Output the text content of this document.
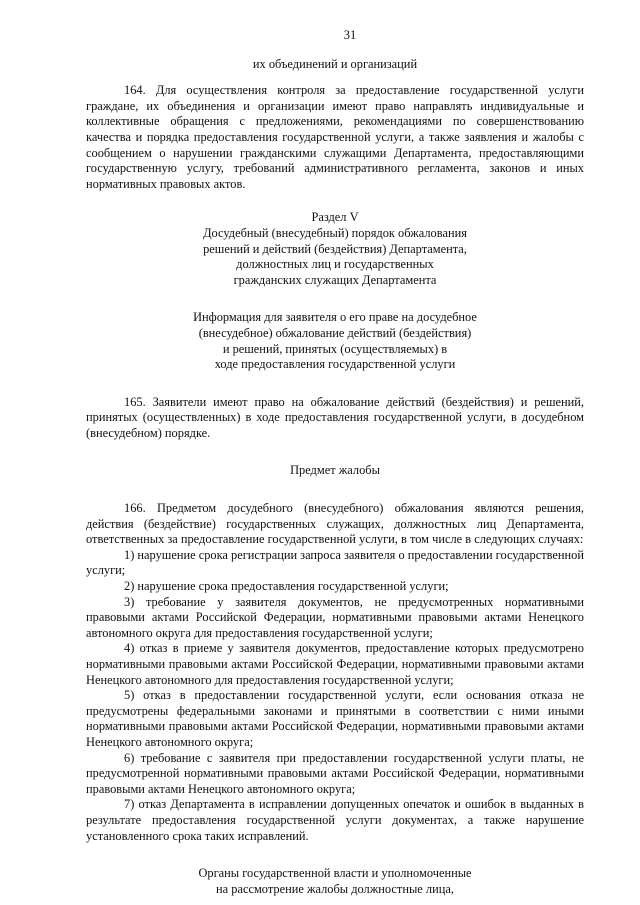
31
их объединений и организаций
164. Для осуществления контроля за предоставление государственной услуги граждане, их объединения и организации имеют право направлять индивидуальные и коллективные обращения с предложениями, рекомендациями по совершенствованию качества и порядка предоставления государственной услуги, а также заявления и жалобы с сообщением о нарушении гражданскими служащими Департамента, предоставляющими государственную услугу, требований административного регламента, законов и иных нормативных правовых актов.
Раздел V
Досудебный (внесудебный) порядок обжалования
решений и действий (бездействия) Департамента,
должностных лиц и государственных
гражданских служащих Департамента
Информация для заявителя о его праве на досудебное
(внесудебное) обжалование действий (бездействия)
и решений, принятых (осуществляемых) в
ходе предоставления государственной услуги
165. Заявители имеют право на обжалование действий (бездействия) и решений, принятых (осуществленных) в ходе предоставления государственной услуги, в досудебном (внесудебном) порядке.
Предмет жалобы
166. Предметом досудебного (внесудебного) обжалования являются решения, действия (бездействие) государственных служащих, должностных лиц Департамента, ответственных за предоставление государственной услуги, в том числе в следующих случаях:
1) нарушение срока регистрации запроса заявителя о предоставлении государственной услуги;
2) нарушение срока предоставления государственной услуги;
3) требование у заявителя документов, не предусмотренных нормативными правовыми актами Российской Федерации, нормативными правовыми актами Ненецкого автономного округа для предоставления государственной услуги;
4) отказ в приеме у заявителя документов, предоставление которых предусмотрено нормативными правовыми актами Российской Федерации, нормативными правовыми актами Ненецкого автономного для предоставления государственной услуги;
5) отказ в предоставлении государственной услуги, если основания отказа не предусмотрены федеральными законами и принятыми в соответствии с ними иными нормативными правовыми актами Российской Федерации, нормативными правовыми актами Ненецкого автономного округа;
6) требование с заявителя при предоставлении государственной услуги платы, не предусмотренной нормативными правовыми актами Российской Федерации, нормативными правовыми актами Ненецкого автономного округа;
7) отказ Департамента в исправлении допущенных опечаток и ошибок в выданных в результате предоставления государственной услуги документах, а также нарушение установленного срока таких исправлений.
Органы государственной власти и уполномоченные
на рассмотрение жалобы должностные лица,
